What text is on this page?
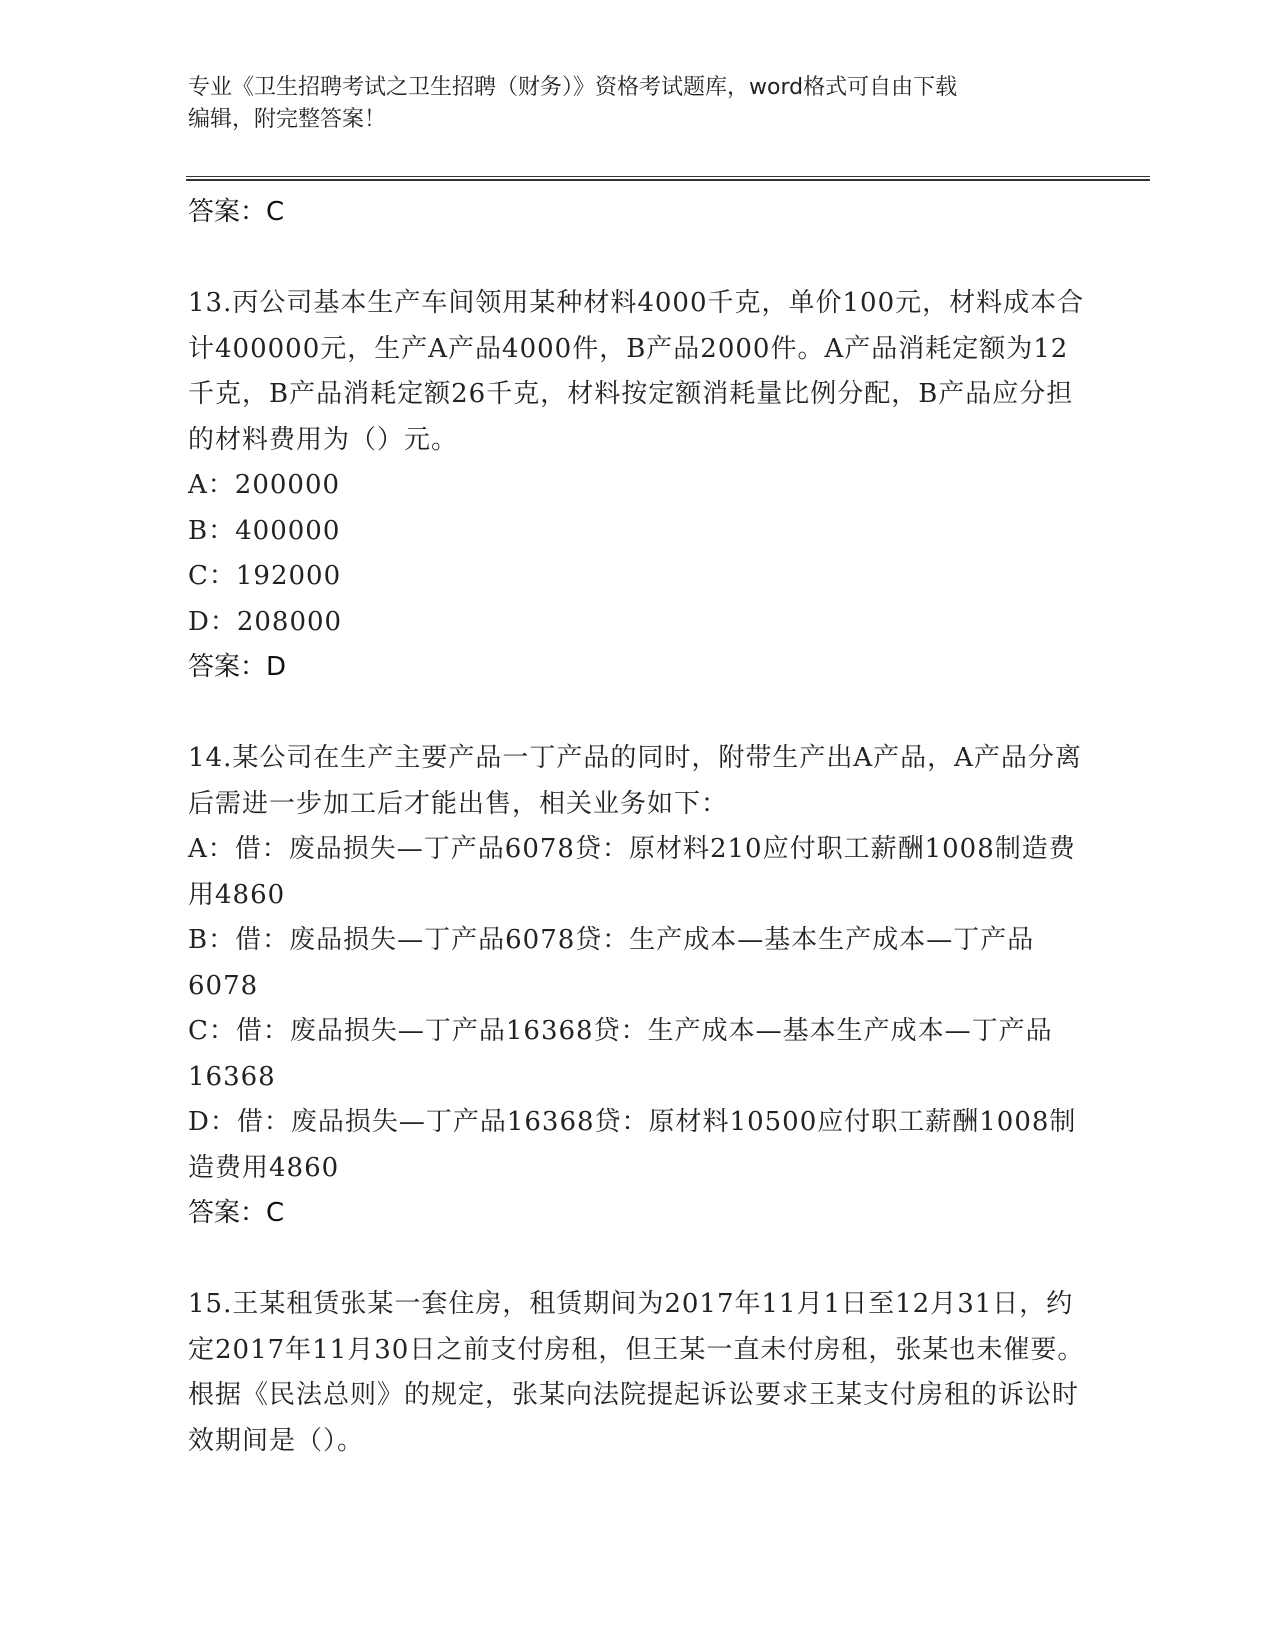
专业《卫生招聘考试之卫生招聘（财务）》资格考试题库，word格式可自由下载
编辑，附完整答案！
答案：C
13.丙公司基本生产车间领用某种材料4000千克，单价100元，材料成本合计400000元，生产A产品4000件，B产品2000件。A产品消耗定额为12千克，B产品消耗定额26千克，材料按定额消耗量比例分配，B产品应分担的材料费用为（）元。
A：200000
B：400000
C：192000
D：208000
答案：D
14.某公司在生产主要产品一丁产品的同时，附带生产出A产品，A产品分离后需进一步加工后才能出售，相关业务如下：
A：借：废品损失—丁产品6078贷：原材料210应付职工薪酬1008制造费用4860
B：借：废品损失—丁产品6078贷：生产成本—基本生产成本—丁产品6078
C：借：废品损失—丁产品16368贷：生产成本—基本生产成本—丁产品16368
D：借：废品损失—丁产品16368贷：原材料10500应付职工薪酬1008制造费用4860
答案：C
15.王某租赁张某一套住房，租赁期间为2017年11月1日至12月31日，约定2017年11月30日之前支付房租，但王某一直未付房租，张某也未催要。根据《民法总则》的规定，张某向法院提起诉讼要求王某支付房租的诉讼时效期间是（）。
